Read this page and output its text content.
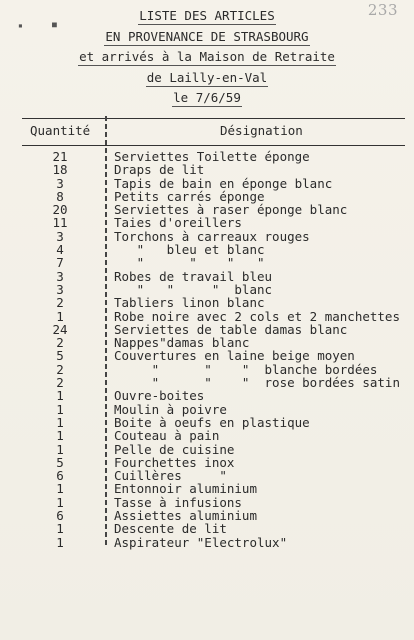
▪	■
233
LISTE DES ARTICLES
EN PROVENANCE DE STRASBOURG
et arrivés à la Maison de Retraite
de Lailly-en-Val
le 7/6/59
Quantité	Désignation
21	Serviettes Toilette éponge
18	Draps de lit
3	Tapis de bain en éponge blanc
8	Petits carrés éponge
20	Serviettes à raser éponge blanc
11	Taies d'oreillers
3	Torchons à carreaux rouges
4	"   bleu et blanc
7	"      "    "   "
3	Robes de travail bleu
3	"   "     "  blanc
2	Tabliers linon blanc
1	Robe noire avec 2 cols et 2 manchettes
24	Serviettes de table damas blanc
2	Nappes"damas blanc
5	Couvertures en laine beige moyen
2	"      "    "  blanche bordées
2	"      "    "  rose bordées satin
1	Ouvre-boites
1	Moulin à poivre
1	Boite à oeufs en plastique
1	Couteau à pain
1	Pelle de cuisine
5	Fourchettes inox
6	Cuillères     "
1	Entonnoir aluminium
1	Tasse à infusions
6	Assiettes aluminium
1	Descente de lit
1	Aspirateur "Electrolux"
